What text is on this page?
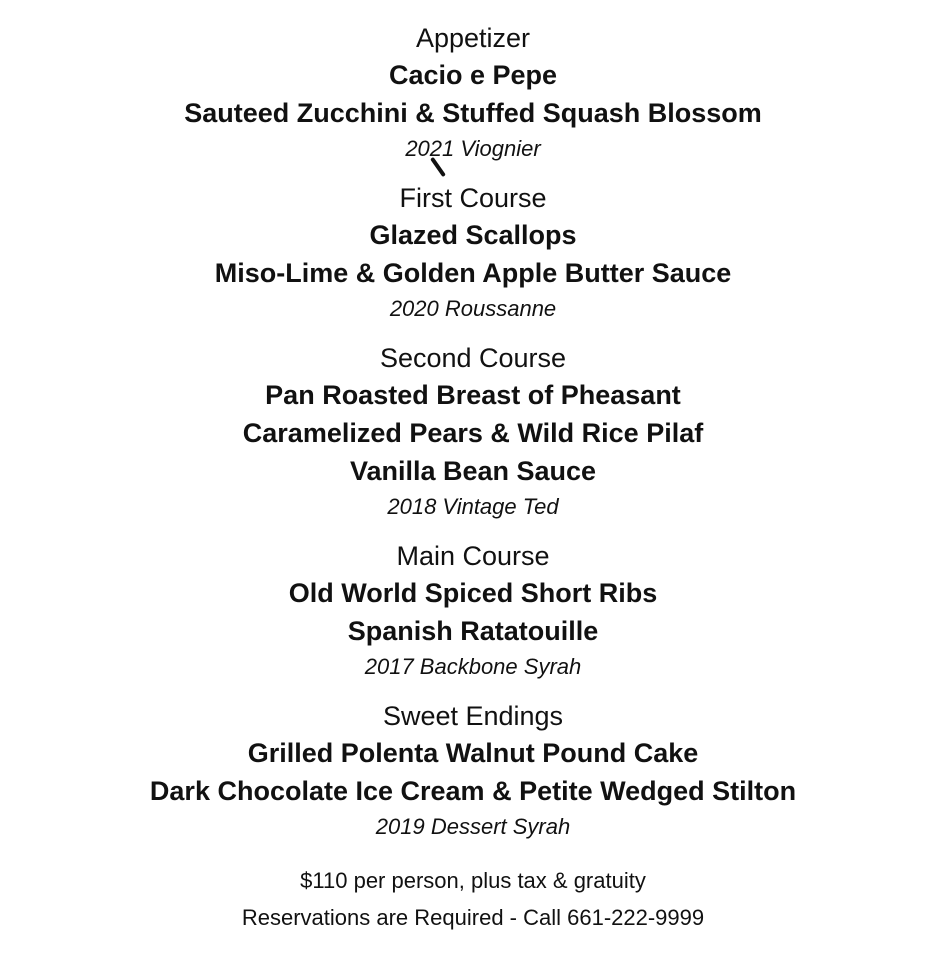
Appetizer

Cacio e Pepe

Sauteed Zucchini & Stuffed Squash Blossom

2021 Viognier

First Course

Glazed Scallops

Miso-Lime & Golden Apple Butter Sauce

2020 Roussanne

Second Course

Pan Roasted Breast of Pheasant

Caramelized Pears & Wild Rice Pilaf

Vanilla Bean Sauce

2018 Vintage Ted

Main Course

Old World Spiced Short Ribs

Spanish Ratatouille

2017 Backbone Syrah

Sweet Endings

Grilled Polenta Walnut Pound Cake

Dark Chocolate Ice Cream & Petite Wedged Stilton

2019 Dessert Syrah

$110 per person, plus tax & gratuity

Reservations are Required - Call 661-222-9999
